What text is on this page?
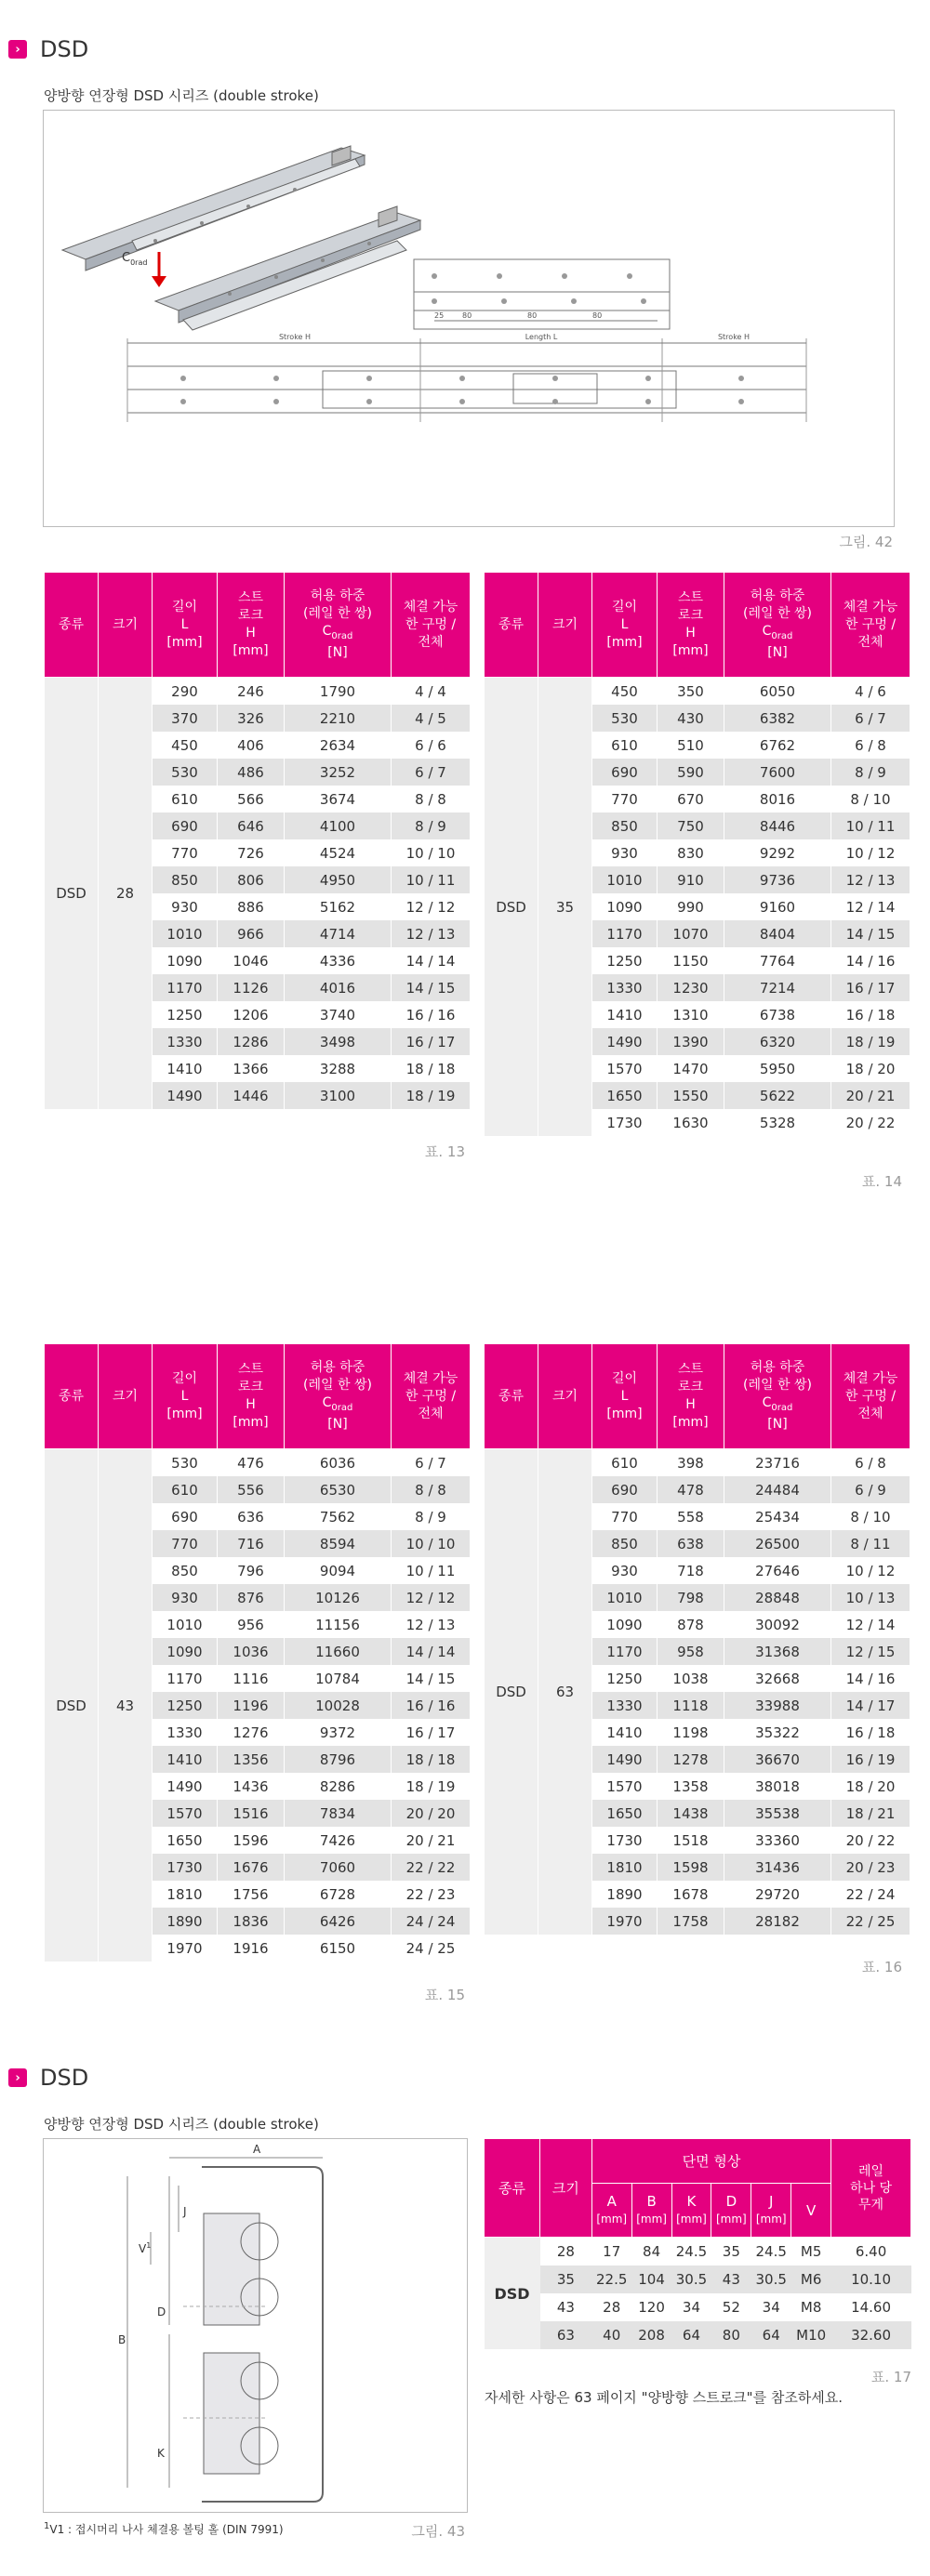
› DSD
양방향 연장형 DSD 시리즈 (double stroke)
$C_{0rad}$
25 80	80	80
Stroke H	Length L	Stroke H
그림. 42
종류	크기	길이
L
[mm]	스트
로크
H
[mm]	허용 하중
(레일 한 쌍)
$C_{0rad}$
[N]	체결 가능
한 구멍 /
전체
DSD	28	290	246	1790	4 / 4
		370	326	2210	4 / 5
		450	406	2634	6 / 6
		530	486	3252	6 / 7
		610	566	3674	8 / 8
		690	646	4100	8 / 9
		770	726	4524	10 / 10
		850	806	4950	10 / 11
		930	886	5162	12 / 12
		1010	966	4714	12 / 13
		1090	1046	4336	14 / 14
		1170	1126	4016	14 / 15
		1250	1206	3740	16 / 16
		1330	1286	3498	16 / 17
		1410	1366	3288	18 / 18
		1490	1446	3100	18 / 19
표. 13
종류	크기	길이
L
[mm]	스트
로크
H
[mm]	허용 하중
(레일 한 쌍)
$C_{0rad}$
[N]	체결 가능
한 구멍 /
전체
DSD	35	450	350	6050	4 / 6
		530	430	6382	6 / 7
		610	510	6762	6 / 8
		690	590	7600	8 / 9
		770	670	8016	8 / 10
		850	750	8446	10 / 11
		930	830	9292	10 / 12
		1010	910	9736	12 / 13
		1090	990	9160	12 / 14
		1170	1070	8404	14 / 15
		1250	1150	7764	14 / 16
		1330	1230	7214	16 / 17
		1410	1310	6738	16 / 18
		1490	1390	6320	18 / 19
		1570	1470	5950	18 / 20
		1650	1550	5622	20 / 21
		1730	1630	5328	20 / 22
표. 14
종류	크기	길이
L
[mm]	스트
로크
H
[mm]	허용 하중
(레일 한 쌍)
$C_{0rad}$
[N]	체결 가능
한 구멍 /
전체
DSD	43	530	476	6036	6 / 7
		610	556	6530	8 / 8
		690	636	7562	8 / 9
		770	716	8594	10 / 10
		850	796	9094	10 / 11
		930	876	10126	12 / 12
		1010	956	11156	12 / 13
		1090	1036	11660	14 / 14
		1170	1116	10784	14 / 15
		1250	1196	10028	16 / 16
		1330	1276	9372	16 / 17
		1410	1356	8796	18 / 18
		1490	1436	8286	18 / 19
		1570	1516	7834	20 / 20
		1650	1596	7426	20 / 21
		1730	1676	7060	22 / 22
		1810	1756	6728	22 / 23
		1890	1836	6426	24 / 24
		1970	1916	6150	24 / 25
표. 15
종류	크기	길이
L
[mm]	스트
로크
H
[mm]	허용 하중
(레일 한 쌍)
$C_{0rad}$
[N]	체결 가능
한 구멍 /
전체
DSD	63	610	398	23716	6 / 8
		690	478	24484	6 / 9
		770	558	25434	8 / 10
		850	638	26500	8 / 11
		930	718	27646	10 / 12
		1010	798	28848	10 / 13
		1090	878	30092	12 / 14
		1170	958	31368	12 / 15
		1250	1038	32668	14 / 16
		1330	1118	33988	14 / 17
		1410	1198	35322	16 / 18
		1490	1278	36670	16 / 19
		1570	1358	38018	18 / 20
		1650	1438	35538	18 / 21
		1730	1518	33360	20 / 22
		1810	1598	31436	20 / 23
		1890	1678	29720	22 / 24
		1970	1758	28182	22 / 25
표. 16
› DSD
양방향 연장형 DSD 시리즈 (double stroke)
A
J
$V^1$
B
D
K
$^1$V1 : 접시머리 나사 체결용 볼팅 홀 (DIN 7991)	그림. 43
종류	크기	단면 형상						레일
하나 당
무게
		A
[mm]	B
[mm]	K
[mm]	D
[mm]	J
[mm]	V	
DSD	28	17	84	24.5	35	24.5	M5	6.40
	35	22.5	104	30.5	43	30.5	M6	10.10
	43	28	120	34	52	34	M8	14.60
	63	40	208	64	80	64	M10	32.60
표. 17
자세한 사항은 63 페이지 "양방향 스트로크"를 참조하세요.
